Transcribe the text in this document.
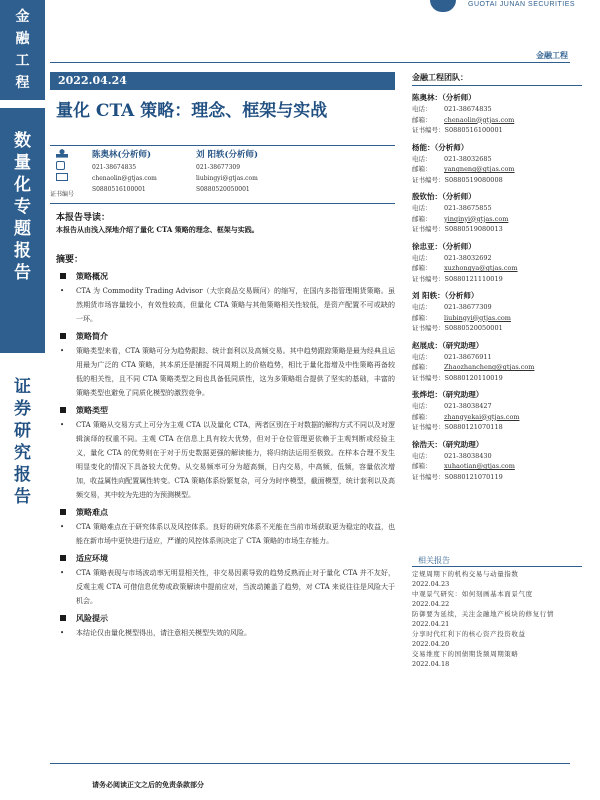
金
融
工
程
数
量
化
专
题
报
告
证
券
研
究
报
告
GUOTAI JUNAN SECURITIES
金融工程
2022.04.24
量化 CTA 策略：理念、框架与实战
证书编号
陈奥林(分析师)
021-38674835
chenaolin@gtjas.com
S0880516100001
刘 阳轶(分析师)
021-38677309
liubingyi@gtjas.com
S0880520050001
本报告导读：
本报告从由浅入深地介绍了量化 CTA 策略的理念、框架与实践。
摘要：
策略概况
•	CTA 为 Commodity Trading Advisor（大宗商品交易顾问）的缩写，在国内多指管理期货策略。虽然期货市场容量较小，有效性较高，但量化 CTA 策略与其他策略相关性较低，是资产配置不可或缺的一环。
策略简介
•	策略类型来看，CTA 策略可分为趋势跟踪、统计套利以及高频交易。其中趋势跟踪策略是最为经典且运用最为广泛的 CTA 策略，其本质还是捕捉不同周期上的价格趋势，相比于量化指增及中性策略再备较低的相关性，且不同 CTA 策略类型之间也具备低同质性，这为多策略组合提供了坚实的基础，丰富的策略类型也避免了同质化模型的激烈竞争。
策略类型
•	CTA 策略从交易方式上可分为主观 CTA 以及量化 CTA，两者区别在于对数据的解构方式不同以及对逻辑演绎的权重不同。主观 CTA 在信息上具有较大优势，但对于仓位管理更依赖于主观判断或经验主义，量化 CTA 的优势则在于对于历史数据更强的解读能力，将归纳法运用至极致。在样本合理不发生明显变化的情况下具备较大优势。从交易频率可分为超高频，日内交易，中高频，低频，容量依次增加，收益属性向配置属性转变。CTA 策略体系纷繁复杂，可分为时序模型，截面模型，统计套利以及高频交易，其中较为先进的为预测模型。
策略难点
•	CTA 策略难点在于研究体系以及风控体系。良好的研究体系不光能在当前市场获取更为稳定的收益，也能在新市场中更快进行适应，严谨的风控体系则决定了 CTA 策略的市场生存能力。
适应环境
•	CTA 策略表现与市场波动率无明显相关性，非交易因素导致的趋势反熟而止对于量化 CTA 并不友好，反观主观 CTA 可借信息优势或政策解读中提前应对，当波动摊盖了趋势，对 CTA 来说往往是风险大于机会。
风险提示
•	本结论仅由量化模型得出，请注意相关模型失效的风险。
金融工程团队：
陈奥林：（分析师）
电话： 021-38674835
邮箱： chenaolin@gtjas.com
证书编号：S0880516100001
杨能：（分析师）
电话： 021-38032685
邮箱： yangneng@gtjas.com
证书编号：S0880519080008
殷钦怡：（分析师）
电话： 021-38675855
邮箱： yinqinyi@gtjas.com
证书编号：S0880519080013
徐忠亚：（分析师）
电话： 021-38032692
邮箱： xuzhongya@gtjas.com
证书编号：S0880121110019
刘 阳轶：（分析师）
电话： 021-38677309
邮箱： liubingyi@gtjas.com
证书编号：S0880520050001
赵展成：（研究助理）
电话： 021-38676911
邮箱： Zhaozhancheng@gtjas.com
证书编号：S0880120110019
张烨垲：（研究助理）
电话： 021-38038427
邮箱： zhangyekai@gtjas.com
证书编号：S0880121070118
徐浩天：（研究助理）
电话： 021-38038430
邮箱： xuhaotian@gtjas.com
证书编号：S0880121070119
相关报告
定规周期下的机构交易与动量指数
2022.04.23
中观景气研究：如何刻画基本面景气度
2022.04.22
防御要为延续，关注金融地产板块的修复行情
2022.04.21
分享时代红利下的核心资产投资收益
2022.04.20
交易维度下的国债期货频周期策略
2022.04.18
请务必阅读正文之后的免责条款部分
